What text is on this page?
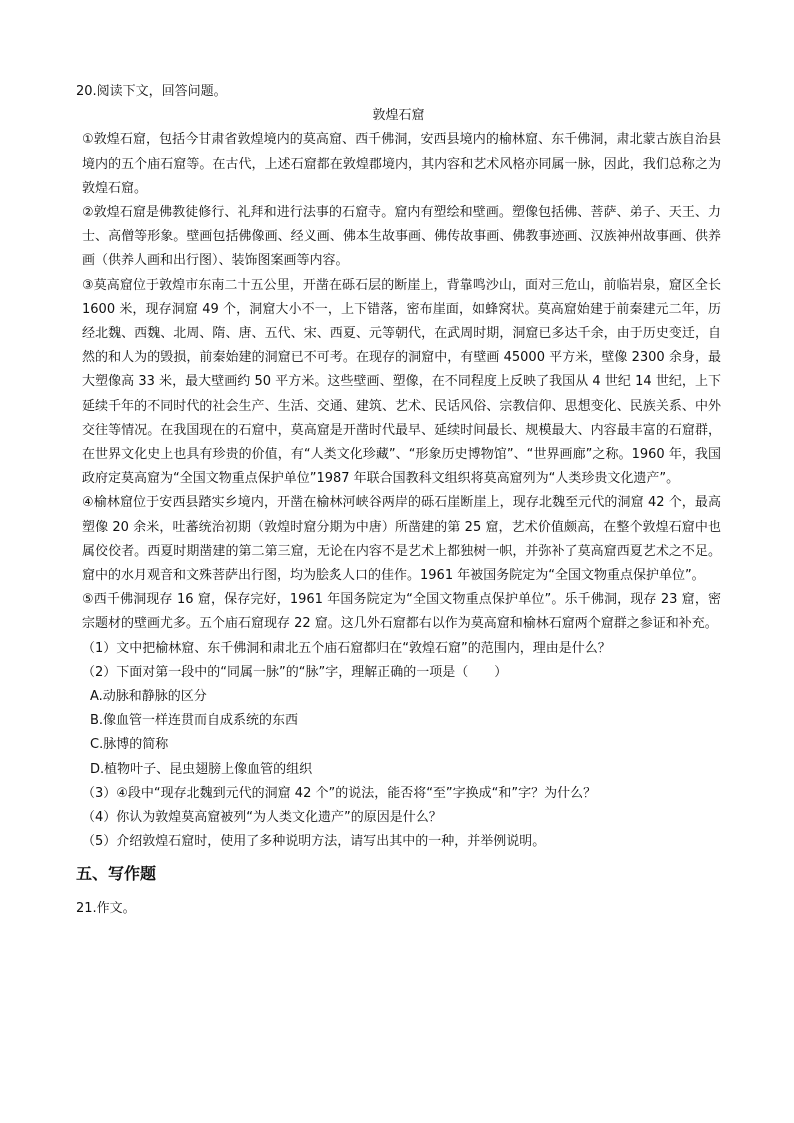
20.阅读下文，回答问题。

敦煌石窟

①敦煌石窟，包括今甘肃省敦煌境内的莫高窟、西千佛洞，安西县境内的榆林窟、东千佛洞，肃北蒙古族自治县境内的五个庙石窟等。在古代，上述石窟都在敦煌郡境内，其内容和艺术风格亦同属一脉，因此，我们总称之为敦煌石窟。

②敦煌石窟是佛教徒修行、礼拜和进行法事的石窟寺。窟内有塑绘和壁画。塑像包括佛、菩萨、弟子、天王、力士、高僧等形象。壁画包括佛像画、经义画、佛本生故事画、佛传故事画、佛教事迹画、汉族神州故事画、供养画（供养人画和出行图）、装饰图案画等内容。

③莫高窟位于敦煌市东南二十五公里，开凿在砾石层的断崖上，背靠鸣沙山，面对三危山，前临岩泉，窟区全长 1600 米，现存洞窟 49 个，洞窟大小不一，上下错落，密布崖面，如蜂窝状。莫高窟始建于前秦建元二年，历经北魏、西魏、北周、隋、唐、五代、宋、西夏、元等朝代，在武周时期，洞窟已多达千余，由于历史变迁，自然的和人为的毁损，前秦始建的洞窟已不可考。在现存的洞窟中，有壁画 45000 平方米，壁像 2300 余身，最大塑像高 33 米，最大壁画约 50 平方米。这些壁画、塑像，在不同程度上反映了我国从 4 世纪 14 世纪，上下延续千年的不同时代的社会生产、生活、交通、建筑、艺术、民话风俗、宗教信仰、思想变化、民族关系、中外交往等情况。在我国现在的石窟中，莫高窟是开凿时代最早、延续时间最长、规模最大、内容最丰富的石窟群，在世界文化史上也具有珍贵的价值，有“人类文化珍藏”、“形象历史博物馆”、“世界画廊”之称。1960 年，我国政府定莫高窟为“全国文物重点保护单位”1987 年联合国教科文组织将莫高窟列为“人类珍贵文化遗产”。

④榆林窟位于安西县踏实乡境内，开凿在榆林河峡谷两岸的砾石崖断崖上，现存北魏至元代的洞窟 42 个，最高塑像 20 余米，吐蕃统治初期（敦煌时窟分期为中唐）所凿建的第 25 窟，艺术价值颇高，在整个敦煌石窟中也属佼佼者。西夏时期凿建的第二第三窟，无论在内容不是艺术上都独树一帜，并弥补了莫高窟西夏艺术之不足。窟中的水月观音和文殊菩萨出行图，均为脍炙人口的佳作。1961 年被国务院定为“全国文物重点保护单位”。

⑤西千佛洞现存 16 窟，保存完好，1961 年国务院定为“全国文物重点保护单位”。乐千佛洞，现存 23 窟，密宗题材的壁画尤多。五个庙石窟现存 22 窟。这几外石窟都右以作为莫高窟和榆林石窟两个窟群之参证和补充。

（1）文中把榆林窟、东千佛洞和肃北五个庙石窟都归在“敦煌石窟”的范围内，理由是什么？

（2）下面对第一段中的“同属一脉”的“脉”字，理解正确的一项是（　　）

A.动脉和静脉的区分

B.像血管一样连贯而自成系统的东西

C.脉博的简称

D.植物叶子、昆虫翅膀上像血管的组织

（3）④段中“现存北魏到元代的洞窟 42 个”的说法，能否将“至”字换成“和”字？为什么？

（4）你认为敦煌莫高窟被列“为人类文化遗产”的原因是什么？

（5）介绍敦煌石窟时，使用了多种说明方法，请写出其中的一种，并举例说明。

五、写作题

21.作文。
